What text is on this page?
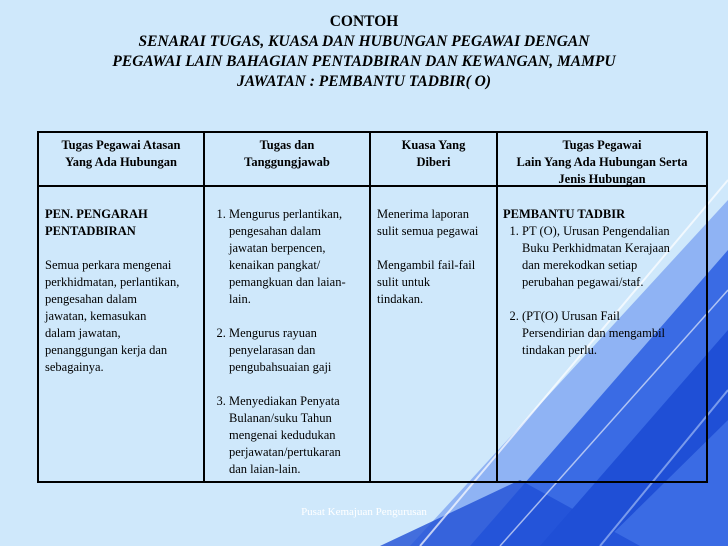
CONTOH
SENARAI TUGAS, KUASA DAN HUBUNGAN PEGAWAI DENGAN
PEGAWAI LAIN BAHAGIAN PENTADBIRAN DAN KEWANGAN, MAMPU
JAWATAN : PEMBANTU TADBIR( O)
Tugas Pegawai Atasan
Yang Ada Hubungan
Tugas dan
Tanggungjawab
Kuasa Yang
Diberi
Tugas Pegawai
Lain Yang Ada Hubungan Serta
Jenis Hubungan

PEN. PENGARAH

PENTADBIRAN

Semua perkara mengenai

perkhidmatan, perlantikan,

pengesahan dalam

jawatan, kemasukan

dalam jawatan,

penanggungan kerja dan

sebagainya.

1. Mengurus perlantikan,
pengesahan dalam
jawatan berpencen,
kenaikan pangkat/
pemangkuan dan laian-
lain.
2. Mengurus rayuan
penyelarasan dan
pengubahsuaian gaji
3. Menyediakan Penyata
Bulanan/suku Tahun
mengenai kedudukan
perjawatan/pertukaran
dan laian-lain.

Menerima laporan

sulit semua pegawai

Mengambil fail-fail

sulit untuk

tindakan.

PEMBANTU TADBIR

1. PT (O), Urusan Pengendalian
Buku Perkhidmatan Kerajaan
dan merekodkan setiap
perubahan pegawai/staf.
2. (PT(O) Urusan Fail
Persendirian dan mengambil
tindakan perlu.
Pusat Kemajuan Pengurusan
